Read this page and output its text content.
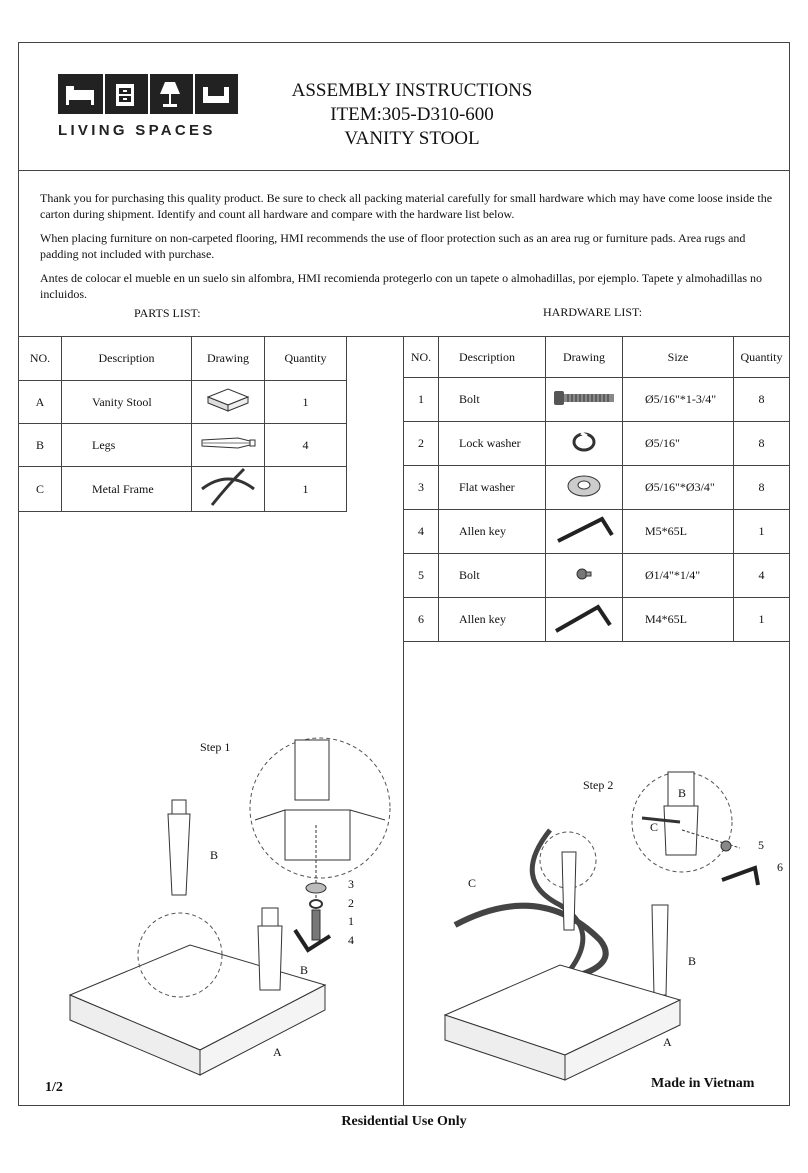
LIVING SPACES
ASSEMBLY INSTRUCTIONS
ITEM:305-D310-600
VANITY STOOL

Thank you for purchasing this quality product. Be sure to check all packing material carefully for small hardware which may have come loose inside the carton during shipment. Identify and count all hardware and compare with the hardware list below.

When placing furniture on non-carpeted flooring, HMI recommends the use of floor protection such as an area rug or furniture pads. Area rugs and padding not included with purchase.

Antes de colocar el mueble en un suelo sin alfombra, HMI recomienda protegerlo con un tapete o almohadillas, por ejemplo. Tapete y almohadillas no incluidos.

PARTS LIST:	HARDWARE LIST:
NO.	Description	Drawing	Quantity
A	Vanity Stool		1
B	Legs		4
C	Metal Frame		1
NO.	Description	Drawing	Size	Quantity
1	Bolt		Ø5/16"*1-3/4"	8
2	Lock washer		Ø5/16"	8
3	Flat washer		Ø5/16"*Ø3/4"	8
4	Allen key		M5*65L	1
5	Bolt		Ø1/4"*1/4"	4
6	Allen key		M4*65L	1
Step 1
B
B
A
3
2
1
4
Step 2
B
C
5
6
C
B
A
1/2	Made in Vietnam
Residential Use Only
